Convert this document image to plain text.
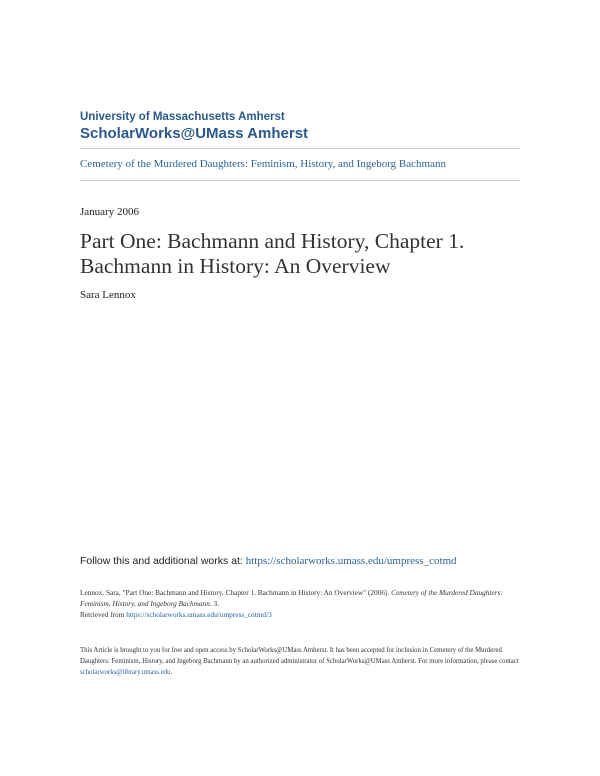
University of Massachusetts Amherst
ScholarWorks@UMass Amherst
Cemetery of the Murdered Daughters: Feminism, History, and Ingeborg Bachmann
January 2006
Part One: Bachmann and History, Chapter 1.
Bachmann in History: An Overview
Sara Lennox
Follow this and additional works at: https://scholarworks.umass.edu/umpress_cotmd
Lennox, Sara, "Part One: Bachmann and History, Chapter 1. Bachmann in History: An Overview" (2006). Cemetery of the Murdered Daughters: Feminism, History, and Ingeborg Bachmann. 3.
Retrieved from https://scholarworks.umass.edu/umpress_cotmd/3
This Article is brought to you for free and open access by ScholarWorks@UMass Amherst. It has been accepted for inclusion in Cemetery of the Murdered Daughters: Feminism, History, and Ingeborg Bachmann by an authorized administrator of ScholarWorks@UMass Amherst. For more information, please contact scholarworks@library.umass.edu.
